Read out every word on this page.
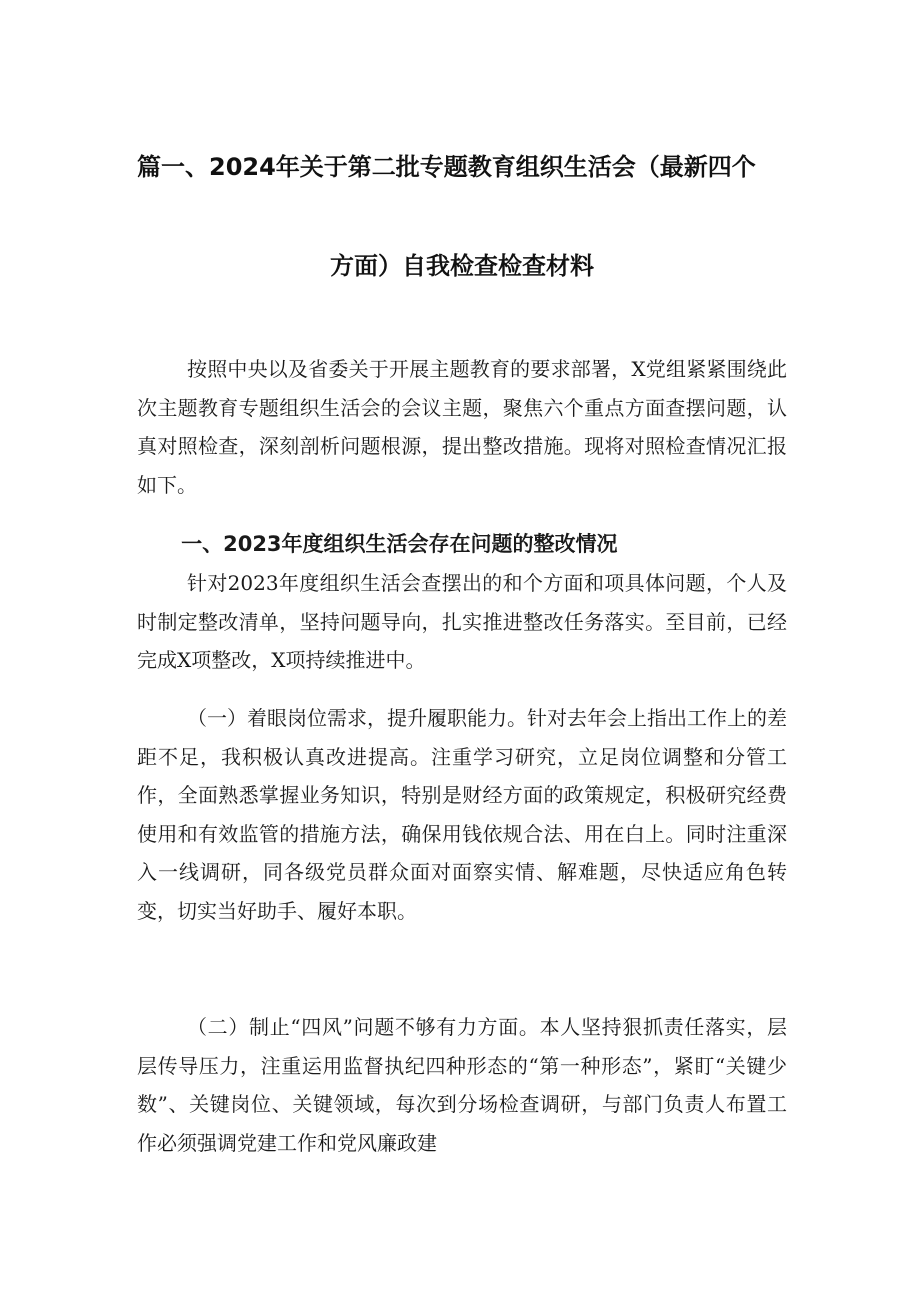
篇一、2024年关于第二批专题教育组织生活会（最新四个
方面）自我检查检查材料
按照中央以及省委关于开展主题教育的要求部署，X党组紧紧围绕此次主题教育专题组织生活会的会议主题，聚焦六个重点方面查摆问题，认真对照检查，深刻剖析问题根源，提出整改措施。现将对照检查情况汇报如下。
一、2023年度组织生活会存在问题的整改情况
针对2023年度组织生活会查摆出的和个方面和项具体问题，个人及时制定整改清单，坚持问题导向，扎实推进整改任务落实。至目前，已经完成X项整改，X项持续推进中。
（一）着眼岗位需求，提升履职能力。针对去年会上指出工作上的差距不足，我积极认真改进提高。注重学习研究，立足岗位调整和分管工作，全面熟悉掌握业务知识，特别是财经方面的政策规定，积极研究经费使用和有效监管的措施方法，确保用钱依规合法、用在白上。同时注重深入一线调研，同各级党员群众面对面察实情、解难题，尽快适应角色转变，切实当好助手、履好本职。
（二）制止“四风”问题不够有力方面。本人坚持狠抓责任落实，层层传导压力，注重运用监督执纪四种形态的“第一种形态”，紧盯“关键少数”、关键岗位、关键领域，每次到分场检查调研，与部门负责人布置工作必须强调党建工作和党风廉政建
